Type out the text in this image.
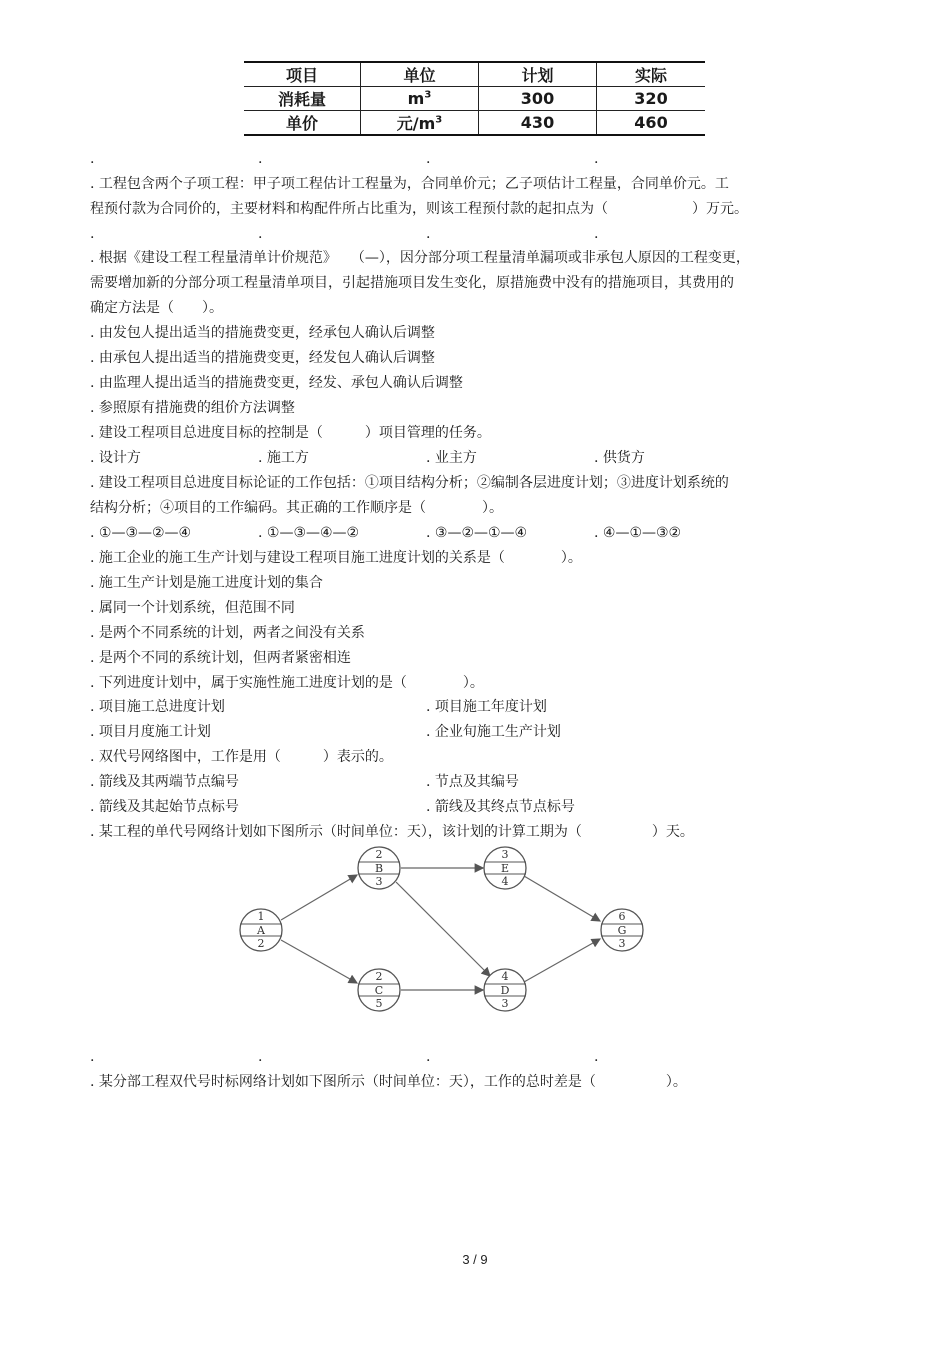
项目	单位	计划	实际
消耗量	$m^3$	300	320
单价	元$/m^3$	430	460
.	.	.	.
. 工程包含两个子项工程：甲子项工程估计工程量为，合同单价元；乙子项估计工程量，合同单价元。工
程预付款为合同价的，主要材料和构配件所占比重为，则该工程预付款的起扣点为（　　　　　　）万元。
.	.	.	.
. 根据《建设工程工程量清单计价规范》　　（—），因分部分项工程量清单漏项或非承包人原因的工程变更，
需要增加新的分部分项工程量清单项目，引起措施项目发生变化，原措施费中没有的措施项目，其费用的
确定方法是（　　）。
. 由发包人提出适当的措施费变更，经承包人确认后调整
. 由承包人提出适当的措施费变更，经发包人确认后调整
. 由监理人提出适当的措施费变更，经发、承包人确认后调整
. 参照原有措施费的组价方法调整
. 建设工程项目总进度目标的控制是（　　　）项目管理的任务。
. 设计方	. 施工方	. 业主方	. 供货方
. 建设工程项目总进度目标论证的工作包括：①项目结构分析；②编制各层进度计划；③进度计划系统的
结构分析；④项目的工作编码。其正确的工作顺序是（　　　　）。
. ①—③—②—④	. ①—③—④—②	. ③—②—①—④	. ④—①—③②
. 施工企业的施工生产计划与建设工程项目施工进度计划的关系是（　　　　）。
. 施工生产计划是施工进度计划的集合
. 属同一个计划系统，但范围不同
. 是两个不同系统的计划，两者之间没有关系
. 是两个不同的系统计划，但两者紧密相连
. 下列进度计划中，属于实施性施工进度计划的是（　　　　）。
. 项目施工总进度计划	. 项目施工年度计划
. 项目月度施工计划	. 企业旬施工生产计划
. 双代号网络图中，工作是用（　　　）表示的。
. 箭线及其两端节点编号	. 节点及其编号
. 箭线及其起始节点标号	. 箭线及其终点节点标号
. 某工程的单代号网络计划如下图所示（时间单位：天），该计划的计算工期为（　　　　　）天。
1
A
2
2
B
3
2
C
5
4
D
3
3
E
4
6
G
3
.	.	.	.
. 某分部工程双代号时标网络计划如下图所示（时间单位：天），工作的总时差是（　　　　　）。
3 / 9
